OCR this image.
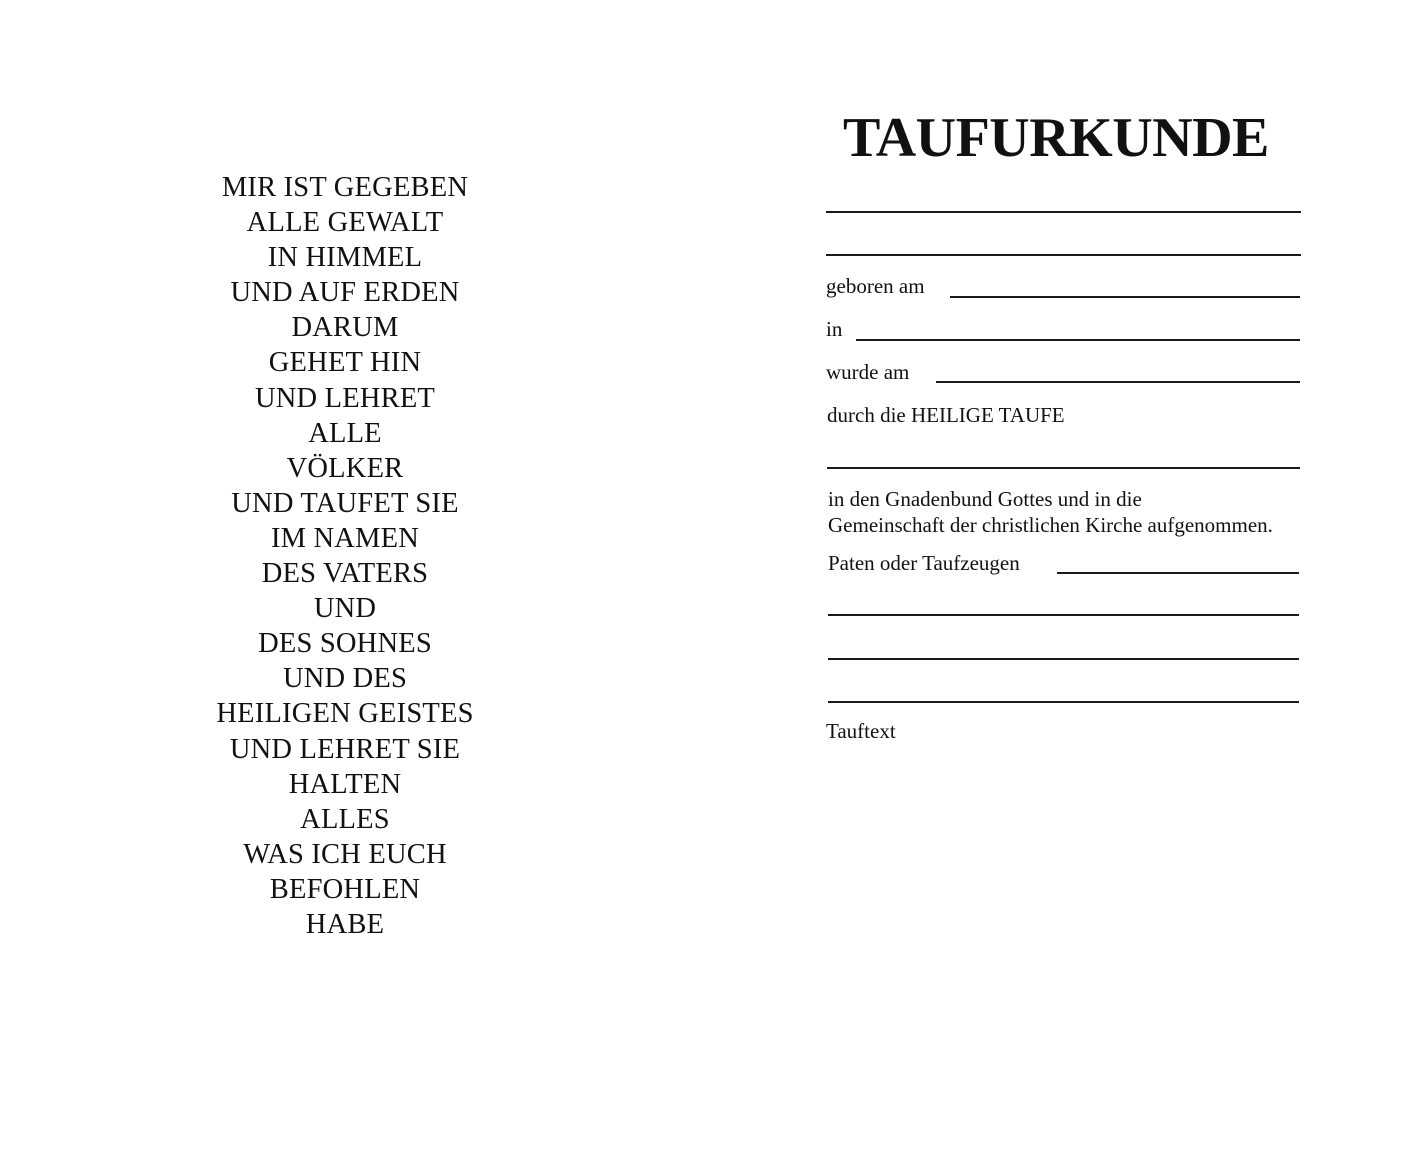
MIR IST GEGEBEN
ALLE GEWALT
IN HIMMEL
UND AUF ERDEN
DARUM
GEHET HIN
UND LEHRET
ALLE
VÖLKER
UND TAUFET SIE
IM NAMEN
DES VATERS
UND
DES SOHNES
UND DES
HEILIGEN GEISTES
UND LEHRET SIE
HALTEN
ALLES
WAS ICH EUCH
BEFOHLEN
HABE
TAUFURKUNDE
geboren am
in
wurde am
durch die HEILIGE TAUFE
in den Gnadenbund Gottes und in die
Gemeinschaft der christlichen Kirche aufgenommen.
Paten oder Taufzeugen
Tauftext
